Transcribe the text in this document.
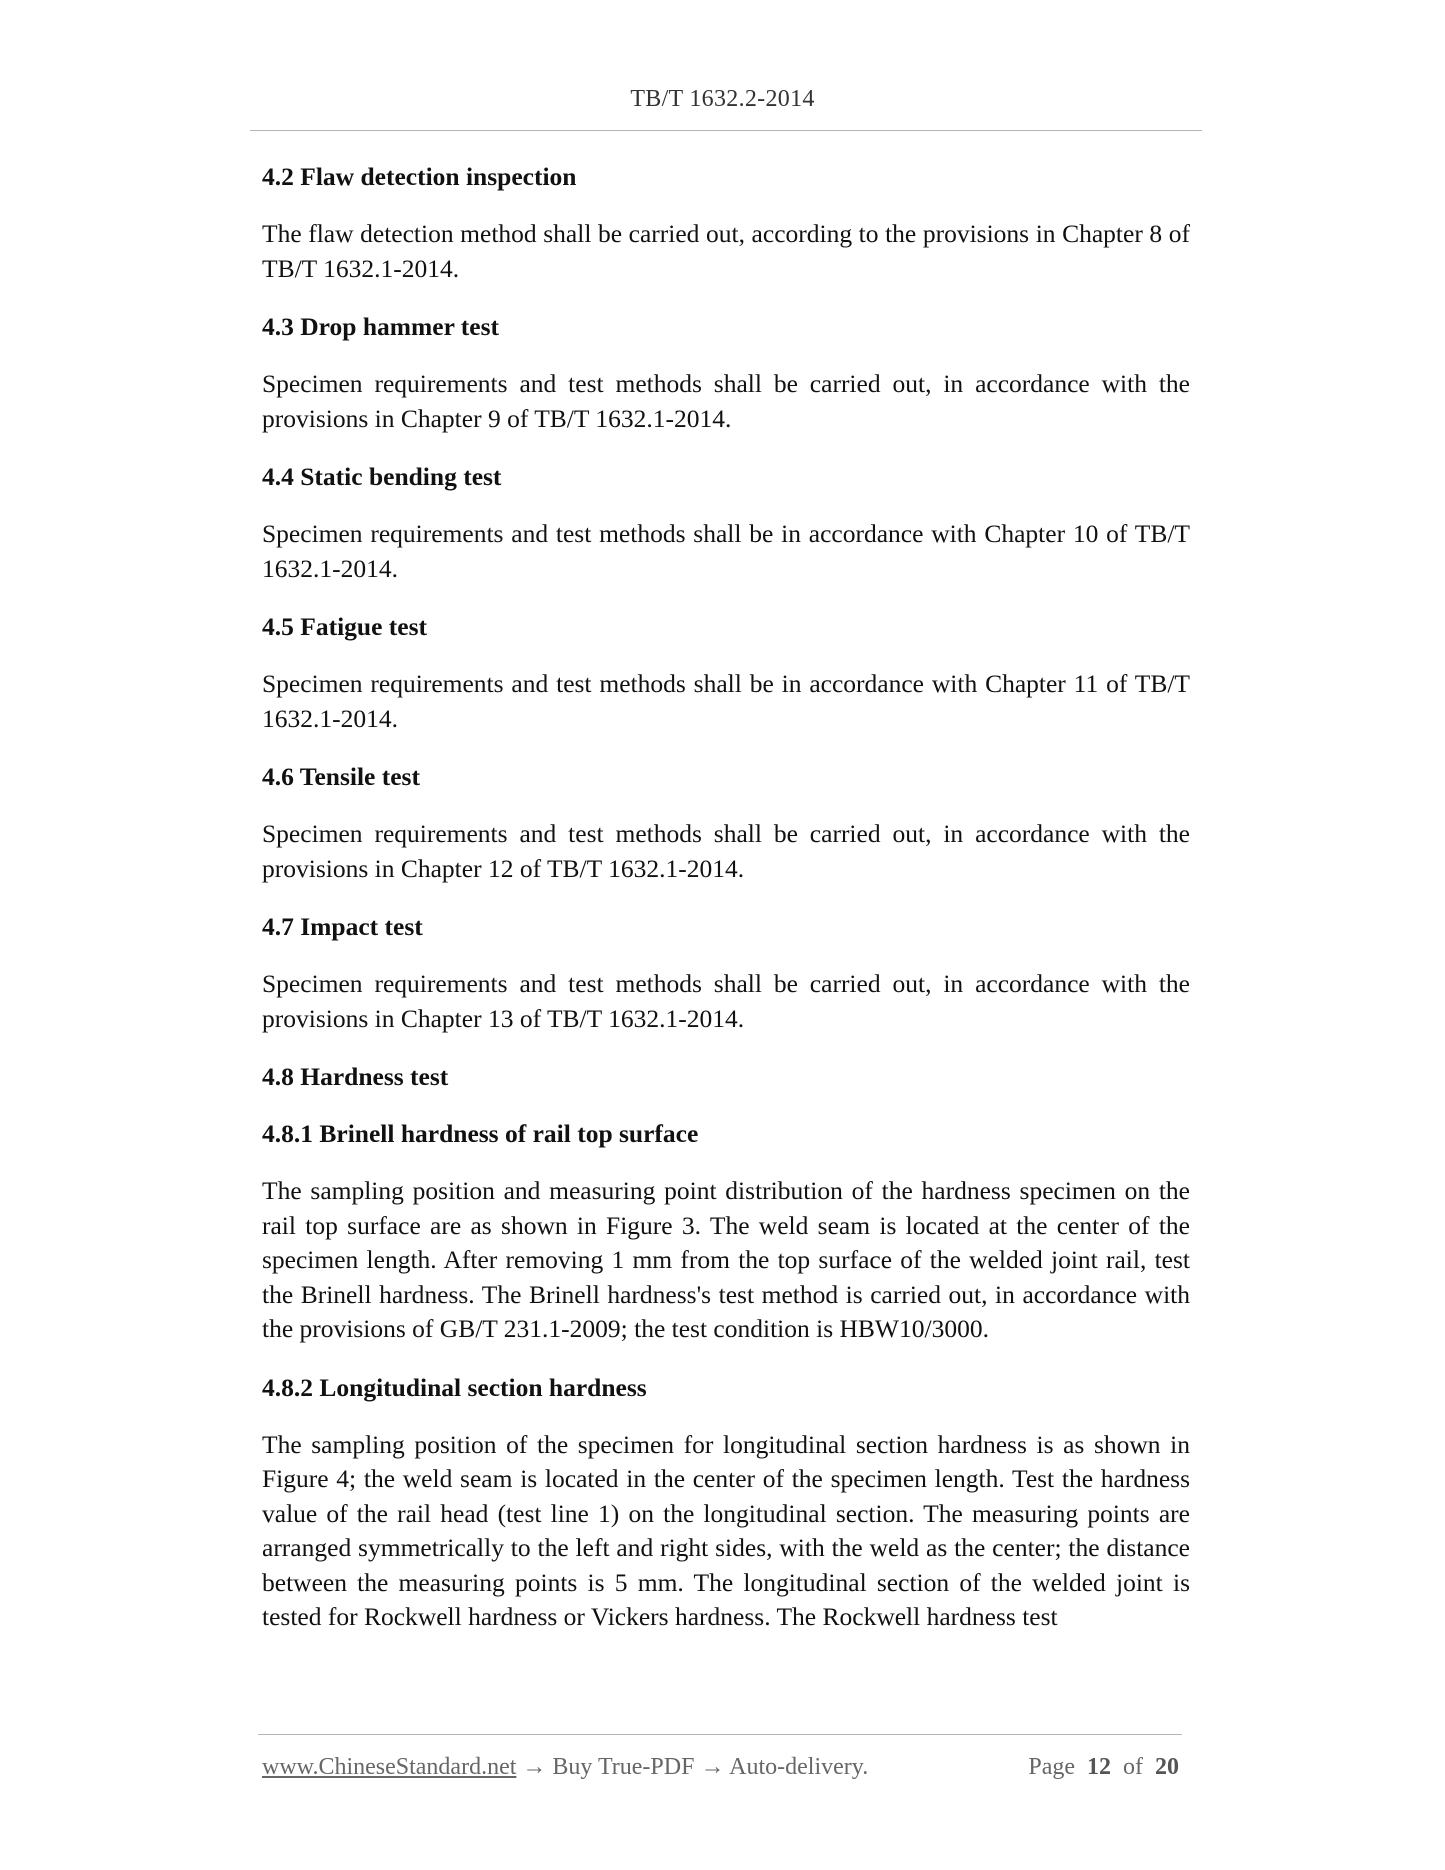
TB/T 1632.2-2014
4.2 Flaw detection inspection
The flaw detection method shall be carried out, according to the provisions in Chapter 8 of TB/T 1632.1-2014.
4.3 Drop hammer test
Specimen requirements and test methods shall be carried out, in accordance with the provisions in Chapter 9 of TB/T 1632.1-2014.
4.4 Static bending test
Specimen requirements and test methods shall be in accordance with Chapter 10 of TB/T 1632.1-2014.
4.5 Fatigue test
Specimen requirements and test methods shall be in accordance with Chapter 11 of TB/T 1632.1-2014.
4.6 Tensile test
Specimen requirements and test methods shall be carried out, in accordance with the provisions in Chapter 12 of TB/T 1632.1-2014.
4.7 Impact test
Specimen requirements and test methods shall be carried out, in accordance with the provisions in Chapter 13 of TB/T 1632.1-2014.
4.8 Hardness test
4.8.1 Brinell hardness of rail top surface
The sampling position and measuring point distribution of the hardness specimen on the rail top surface are as shown in Figure 3. The weld seam is located at the center of the specimen length. After removing 1 mm from the top surface of the welded joint rail, test the Brinell hardness. The Brinell hardness's test method is carried out, in accordance with the provisions of GB/T 231.1-2009; the test condition is HBW10/3000.
4.8.2 Longitudinal section hardness
The sampling position of the specimen for longitudinal section hardness is as shown in Figure 4; the weld seam is located in the center of the specimen length. Test the hardness value of the rail head (test line 1) on the longitudinal section. The measuring points are arranged symmetrically to the left and right sides, with the weld as the center; the distance between the measuring points is 5 mm. The longitudinal section of the welded joint is tested for Rockwell hardness or Vickers hardness. The Rockwell hardness test
www.ChineseStandard.net → Buy True-PDF → Auto-delivery.	Page 12 of 20
